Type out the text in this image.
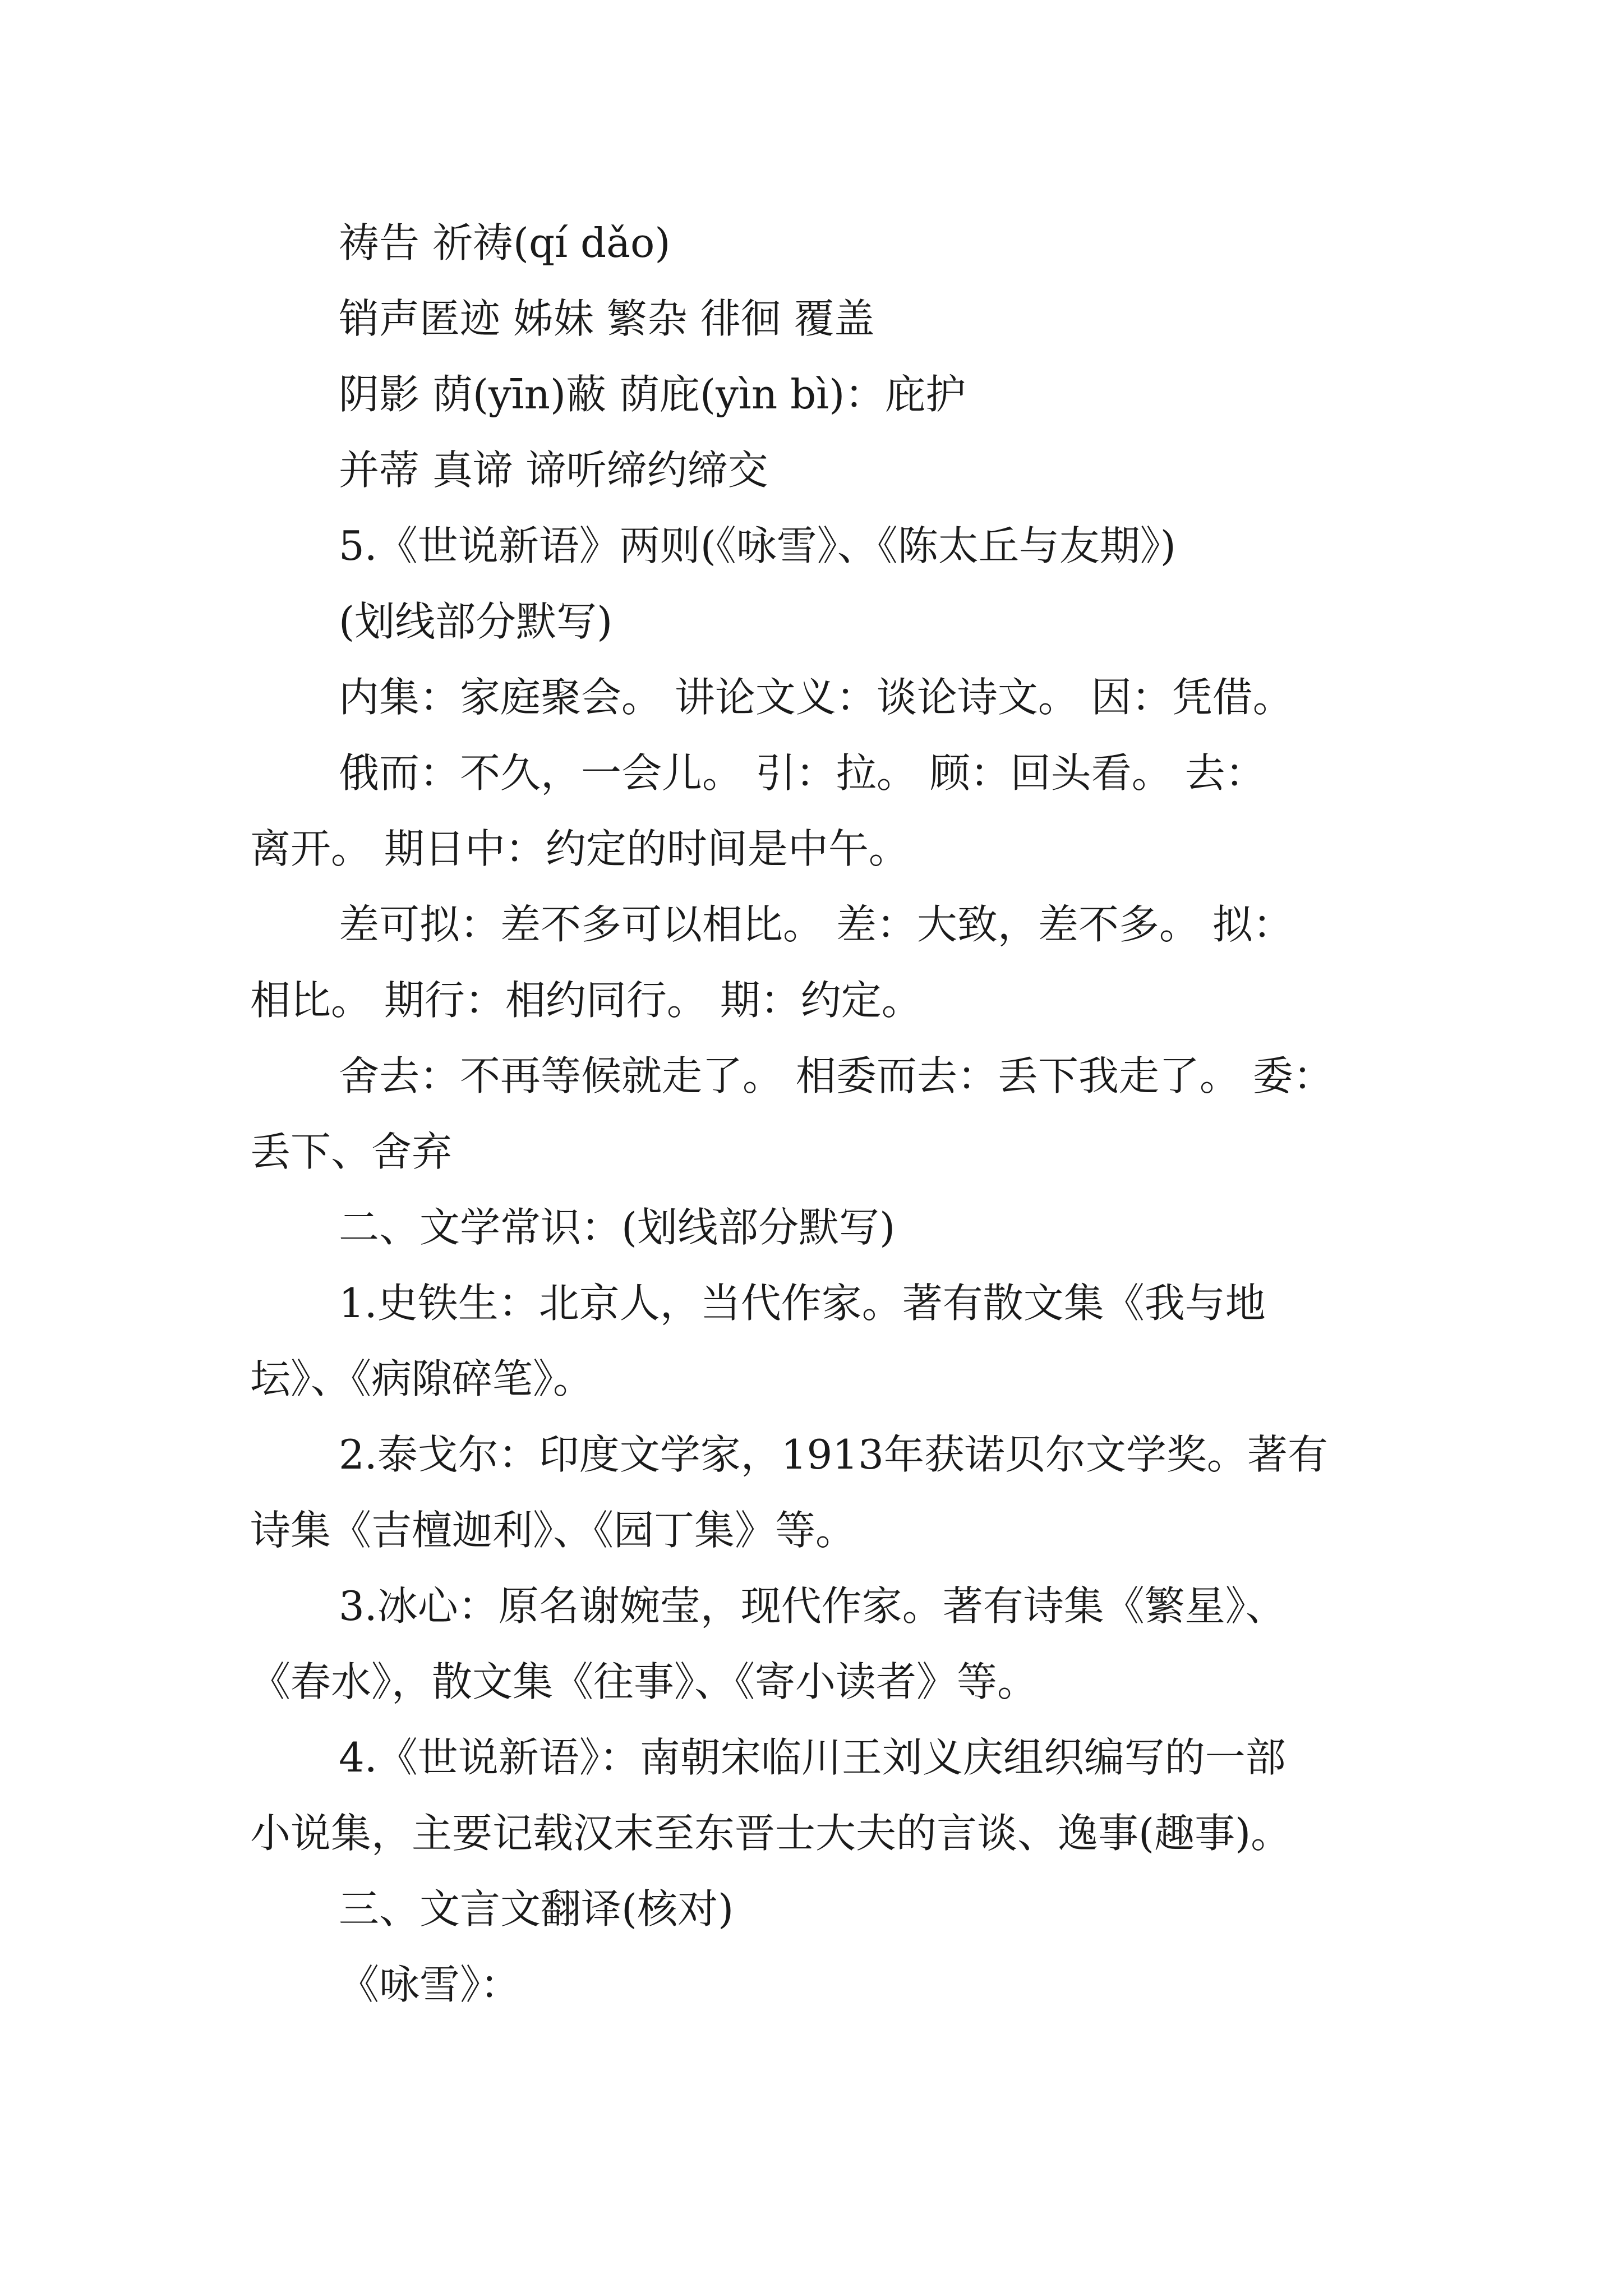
祷告 祈祷(qí dǎo)
销声匿迹 姊妹 繁杂 徘徊 覆盖
阴影 荫(yīn)蔽 荫庇(yìn bì)：庇护
并蒂 真谛 谛听缔约缔交
5.《世说新语》两则(《咏雪》、《陈太丘与友期》)
(划线部分默写)
内集：家庭聚会。 讲论文义：谈论诗文。 因：凭借。
俄而：不久，一会儿。 引：拉。 顾：回头看。 去：
离开。 期日中：约定的时间是中午。
差可拟：差不多可以相比。 差：大致，差不多。 拟：
相比。 期行：相约同行。 期：约定。
舍去：不再等候就走了。 相委而去：丢下我走了。 委：
丢下、舍弃
二、文学常识：(划线部分默写)
1.史铁生：北京人，当代作家。著有散文集《我与地
坛》、《病隙碎笔》。
2.泰戈尔：印度文学家，1913年获诺贝尔文学奖。著有
诗集《吉檀迦利》、《园丁集》等。
3.冰心：原名谢婉莹，现代作家。著有诗集《繁星》、
《春水》，散文集《往事》、《寄小读者》等。
4.《世说新语》：南朝宋临川王刘义庆组织编写的一部
小说集，主要记载汉末至东晋士大夫的言谈、逸事(趣事)。
三、文言文翻译(核对)
《咏雪》：
